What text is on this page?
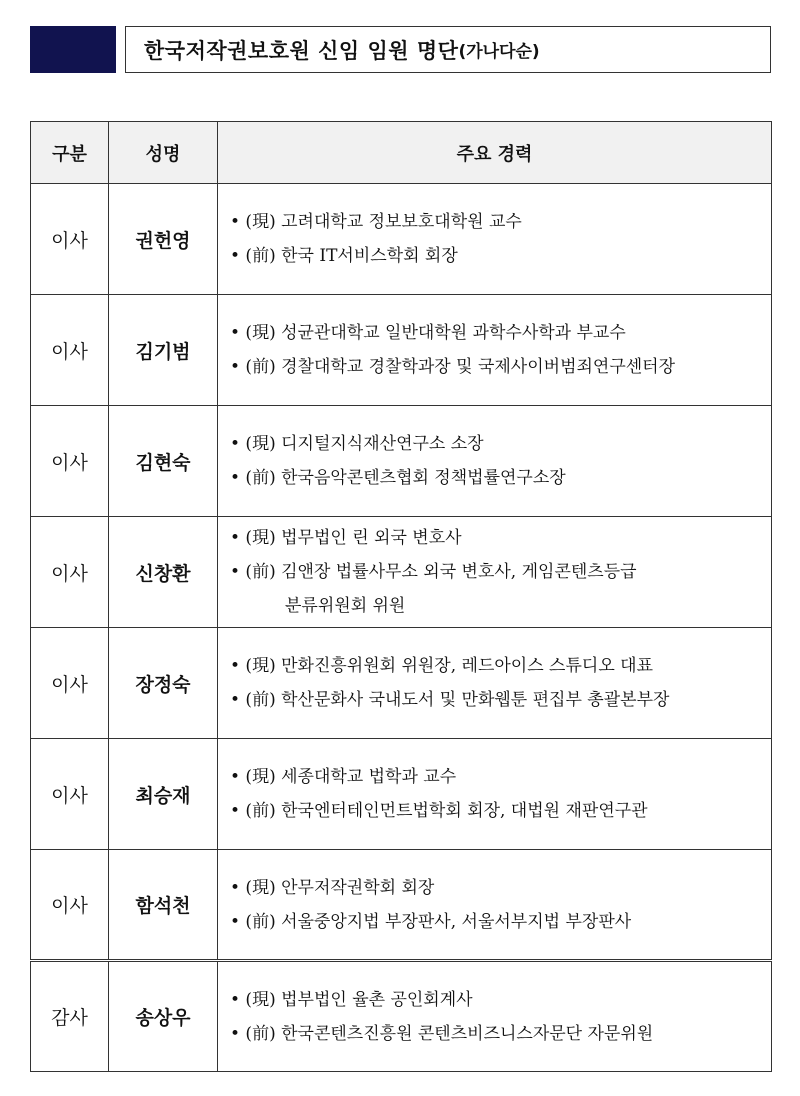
한국저작권보호원 신임 임원 명단 (가나다순)
구분	성명	주요 경력
이사	권헌영	• (現) 고려대학교 정보보호대학원 교수
• (前) 한국 IT서비스학회 회장

이사	김기범	• (現) 성균관대학교 일반대학원 과학수사학과 부교수
• (前) 경찰대학교 경찰학과장 및 국제사이버범죄연구센터장

이사	김현숙	• (現) 디지털지식재산연구소 소장
• (前) 한국음악콘텐츠협회 정책법률연구소장

이사	신창환	• (現) 법무법인 린 외국 변호사
• (前) 김앤장 법률사무소 외국 변호사, 게임콘텐츠등급
분류위원회 위원

이사	장정숙	• (現) 만화진흥위원회 위원장, 레드아이스 스튜디오 대표
• (前) 학산문화사 국내도서 및 만화웹툰 편집부 총괄본부장

이사	최승재	• (現) 세종대학교 법학과 교수
• (前) 한국엔터테인먼트법학회 회장, 대법원 재판연구관

이사	함석천	• (現) 안무저작권학회 회장
• (前) 서울중앙지법 부장판사, 서울서부지법 부장판사

감사	송상우	• (現) 법부법인 율촌 공인회계사
• (前) 한국콘텐츠진흥원 콘텐츠비즈니스자문단 자문위원
